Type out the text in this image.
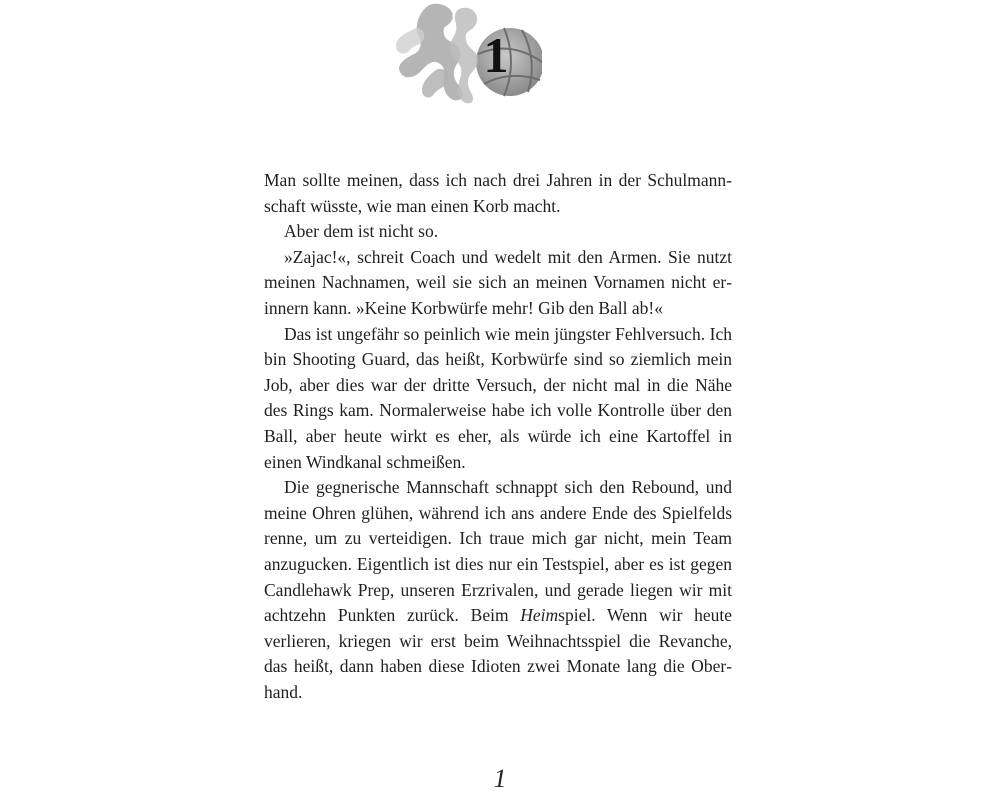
1

Man sollte meinen, dass ich nach drei Jahren in der Schulmannschaft wüsste, wie man einen Korb macht.

Aber dem ist nicht so.

»Zajac!«, schreit Coach und wedelt mit den Armen. Sie nutzt meinen Nachnamen, weil sie sich an meinen Vornamen nicht erinnern kann. »Keine Korbwürfe mehr! Gib den Ball ab!«

Das ist ungefähr so peinlich wie mein jüngster Fehlversuch. Ich bin Shooting Guard, das heißt, Korbwürfe sind so ziemlich mein Job, aber dies war der dritte Versuch, der nicht mal in die Nähe des Rings kam. Normalerweise habe ich volle Kontrolle über den Ball, aber heute wirkt es eher, als würde ich eine Kartoffel in einen Windkanal schmeißen.

Die gegnerische Mannschaft schnappt sich den Rebound, und meine Ohren glühen, während ich ans andere Ende des Spielfelds renne, um zu verteidigen. Ich traue mich gar nicht, mein Team anzugucken. Eigentlich ist dies nur ein Testspiel, aber es ist gegen Candlehawk Prep, unseren Erzrivalen, und gerade liegen wir mit achtzehn Punkten zurück. Beim Heimspiel. Wenn wir heute verlieren, kriegen wir erst beim Weihnachtsspiel die Revanche, das heißt, dann haben diese Idioten zwei Monate lang die Oberhand.

1
